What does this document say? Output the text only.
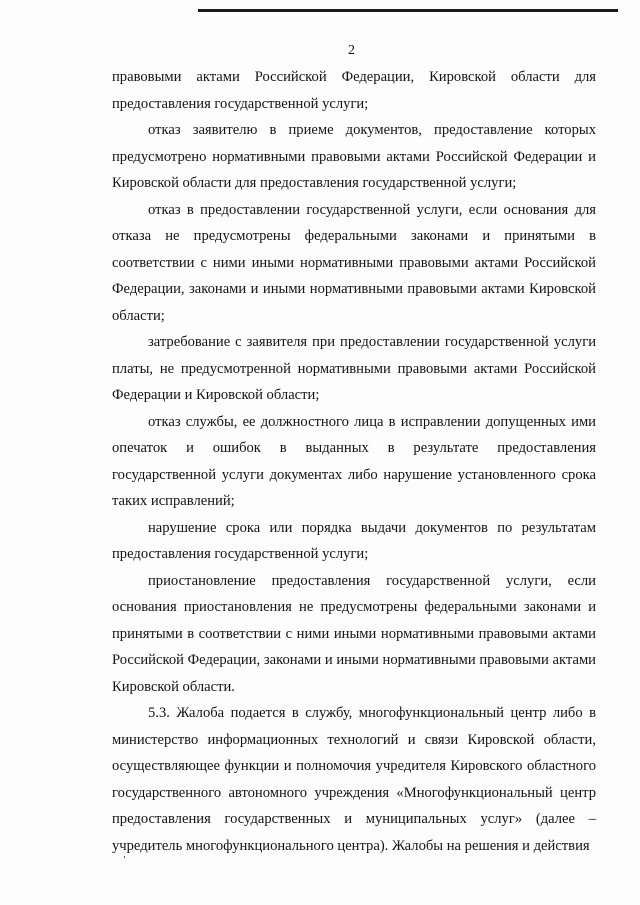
2

правовыми актами Российской Федерации, Кировской области для предоставления государственной услуги;

отказ заявителю в приеме документов, предоставление которых предусмотрено нормативными правовыми актами Российской Федерации и Кировской области для предоставления государственной услуги;

отказ в предоставлении государственной услуги, если основания для отказа не предусмотрены федеральными законами и принятыми в соответствии с ними иными нормативными правовыми актами Российской Федерации, законами и иными нормативными правовыми актами Кировской области;

затребование с заявителя при предоставлении государственной услуги платы, не предусмотренной нормативными правовыми актами Российской Федерации и Кировской области;

отказ службы, ее должностного лица в исправлении допущенных ими опечаток и ошибок в выданных в результате предоставления государственной услуги документах либо нарушение установленного срока таких исправлений;

нарушение срока или порядка выдачи документов по результатам предоставления государственной услуги;

приостановление предоставления государственной услуги, если основания приостановления не предусмотрены федеральными законами и принятыми в соответствии с ними иными нормативными правовыми актами Российской Федерации, законами и иными нормативными правовыми актами Кировской области.

5.3. Жалоба подается в службу, многофункциональный центр либо в министерство информационных технологий и связи Кировской области, осуществляющее функции и полномочия учредителя Кировского областного государственного автономного учреждения «Многофункциональный центр предоставления государственных и муниципальных услуг» (далее – учредитель многофункционального центра). Жалобы на решения и действия
